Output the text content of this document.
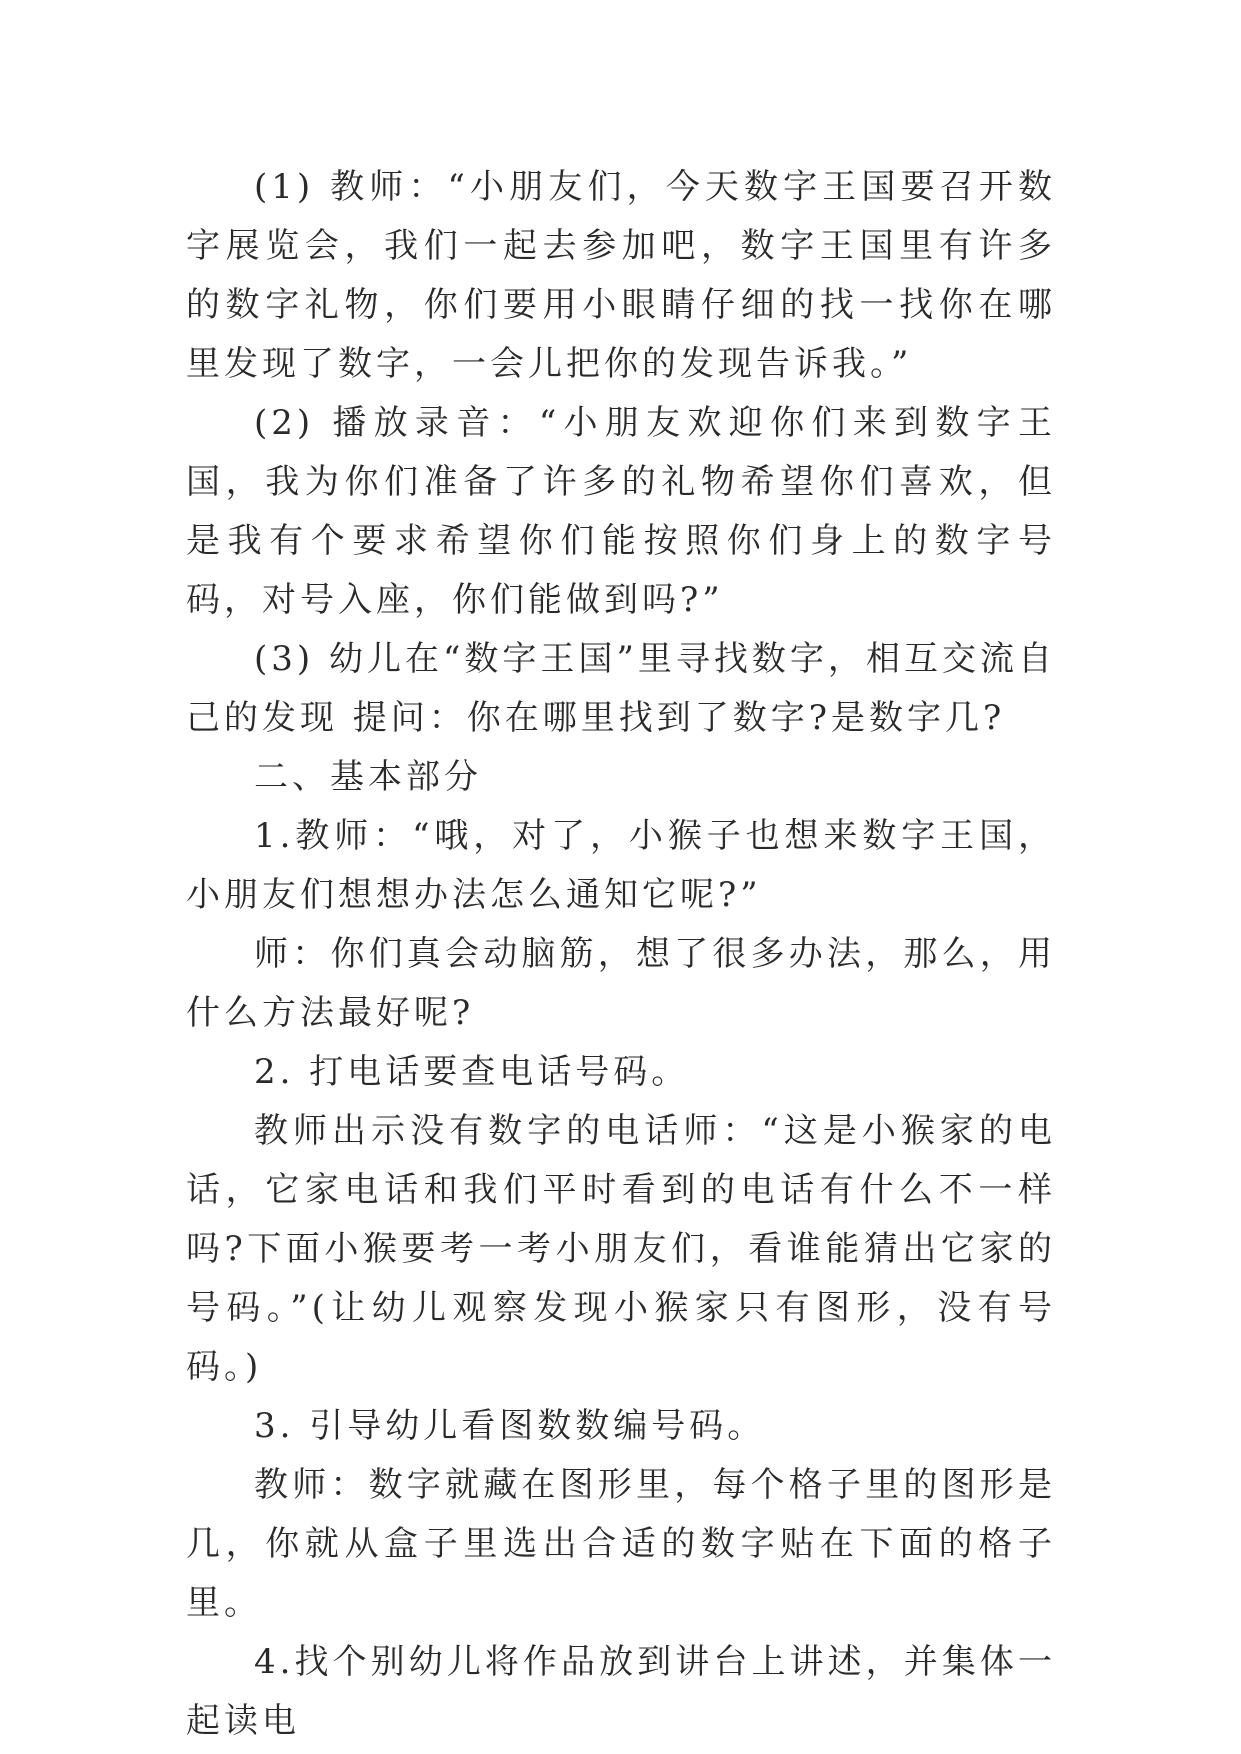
(1) 教师：“小朋友们，今天数字王国要召开数字展览会，我们一起去参加吧，数字王国里有许多的数字礼物，你们要用小眼睛仔细的找一找你在哪里发现了数字，一会儿把你的发现告诉我。”

(2) 播放录音：“小朋友欢迎你们来到数字王国，我为你们准备了许多的礼物希望你们喜欢，但是我有个要求希望你们能按照你们身上的数字号码，对号入座，你们能做到吗?”

(3) 幼儿在“数字王国”里寻找数字，相互交流自己的发现 提问：你在哪里找到了数字?是数字几?

二、基本部分

1.教师：“哦，对了，小猴子也想来数字王国，小朋友们想想办法怎么通知它呢?”

师：你们真会动脑筋，想了很多办法，那么，用什么方法最好呢?

2. 打电话要查电话号码。

教师出示没有数字的电话师：“这是小猴家的电话，它家电话和我们平时看到的电话有什么不一样吗?下面小猴要考一考小朋友们，看谁能猜出它家的号码。”(让幼儿观察发现小猴家只有图形，没有号码。)

3. 引导幼儿看图数数编号码。

教师：数字就藏在图形里，每个格子里的图形是几，你就从盒子里选出合适的数字贴在下面的格子里。

4.找个别幼儿将作品放到讲台上讲述，并集体一起读电
